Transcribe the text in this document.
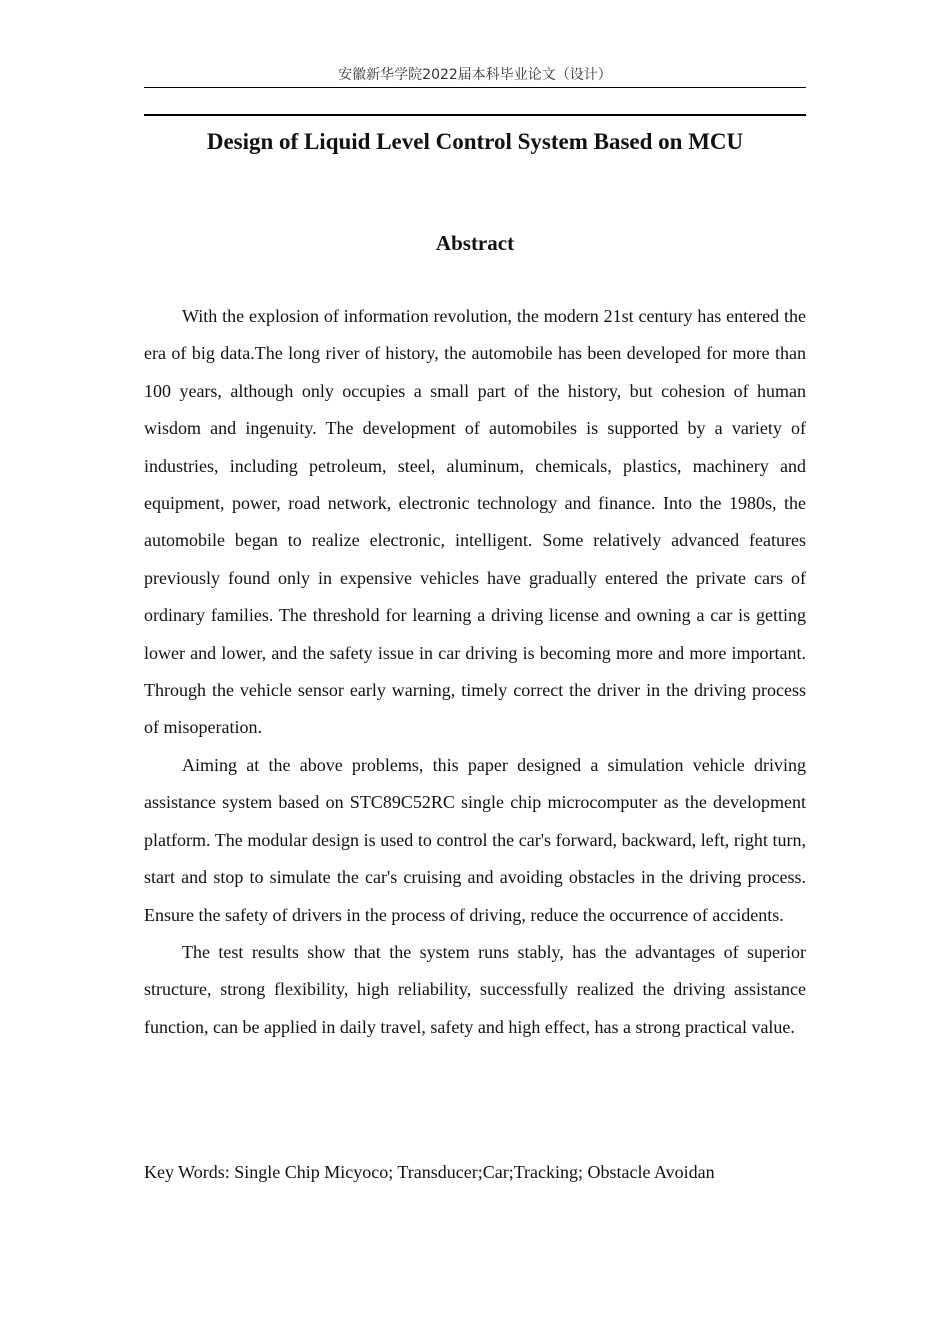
安徽新华学院2022届本科毕业论文（设计）
Design of Liquid Level Control System Based on MCU
Abstract

With the explosion of information revolution, the modern 21st century has entered the era of big data.The long river of history, the automobile has been developed for more than 100 years, although only occupies a small part of the history, but cohesion of human wisdom and ingenuity. The development of automobiles is supported by a variety of industries, including petroleum, steel, aluminum, chemicals, plastics, machinery and equipment, power, road network, electronic technology and finance. Into the 1980s, the automobile began to realize electronic, intelligent. Some relatively advanced features previously found only in expensive vehicles have gradually entered the private cars of ordinary families. The threshold for learning a driving license and owning a car is getting lower and lower, and the safety issue in car driving is becoming more and more important. Through the vehicle sensor early warning, timely correct the driver in the driving process of misoperation.

Aiming at the above problems, this paper designed a simulation vehicle driving assistance system based on STC89C52RC single chip microcomputer as the development platform. The modular design is used to control the car's forward, backward, left, right turn, start and stop to simulate the car's cruising and avoiding obstacles in the driving process. Ensure the safety of drivers in the process of driving, reduce the occurrence of accidents.

The test results show that the system runs stably, has the advantages of superior structure, strong flexibility, high reliability, successfully realized the driving assistance function, can be applied in daily travel, safety and high effect, has a strong practical value.

Key Words: Single Chip Micyoco; Transducer;Car;Tracking; Obstacle Avoidan
